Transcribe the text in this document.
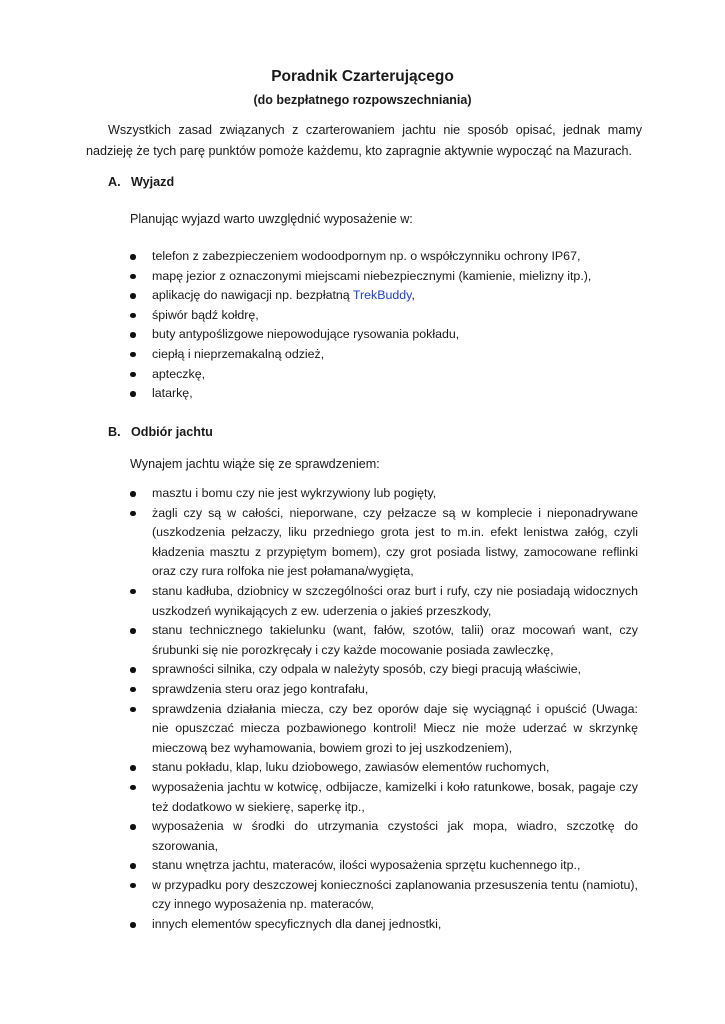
Poradnik Czarterującego
(do bezpłatnego rozpowszechniania)

Wszystkich zasad związanych z czarterowaniem jachtu nie sposób opisać, jednak mamy nadzieję że tych parę punktów pomoże każdemu, kto zapragnie aktywnie wypocząć na Mazurach.

A. Wyjazd
Planując wyjazd warto uwzględnić wyposażenie w:
telefon z zabezpieczeniem wodoodpornym np. o współczynniku ochrony IP67,
mapę jezior z oznaczonymi miejscami niebezpiecznymi (kamienie, mielizny itp.),
aplikację do nawigacji np. bezpłatną TrekBuddy,
śpiwór bądź kołdrę,
buty antypoślizgowe niepowodujące rysowania pokładu,
ciepłą i nieprzemakalną odzież,
apteczkę,
latarkę,
B. Odbiór jachtu
Wynajem jachtu wiąże się ze sprawdzeniem:
masztu i bomu czy nie jest wykrzywiony lub pogięty,
żagli czy są w całości, nieporwane, czy pełzacze są w komplecie i nieponadrywane (uszkodzenia pełzaczy, liku przedniego grota jest to m.in. efekt lenistwa załóg, czyli kładzenia masztu z przypiętym bomem), czy grot posiada listwy, zamocowane reflinki oraz czy rura rolfoka nie jest połamana/wygięta,
stanu kadłuba, dziobnicy w szczególności oraz burt i rufy, czy nie posiadają widocznych uszkodzeń wynikających z ew. uderzenia o jakieś przeszkody,
stanu technicznego takielunku (want, fałów, szotów, talii) oraz mocowań want, czy śrubunki się nie porozkręcały i czy każde mocowanie posiada zawleczkę,
sprawności silnika, czy odpala w należyty sposób, czy biegi pracują właściwie,
sprawdzenia steru oraz jego kontrafału,
sprawdzenia działania miecza, czy bez oporów daje się wyciągnąć i opuścić (Uwaga: nie opuszczać miecza pozbawionego kontroli! Miecz nie może uderzać w skrzynkę mieczową bez wyhamowania, bowiem grozi to jej uszkodzeniem),
stanu pokładu, klap, luku dziobowego, zawiasów elementów ruchomych,
wyposażenia jachtu w kotwicę, odbijacze, kamizelki i koło ratunkowe, bosak, pagaje czy też dodatkowo w siekierę, saperkę itp.,
wyposażenia w środki do utrzymania czystości jak mopa, wiadro, szczotkę do szorowania,
stanu wnętrza jachtu, materaców, ilości wyposażenia sprzętu kuchennego itp.,
w przypadku pory deszczowej konieczności zaplanowania przesuszenia tentu (namiotu), czy innego wyposażenia np. materaców,
innych elementów specyficznych dla danej jednostki,
